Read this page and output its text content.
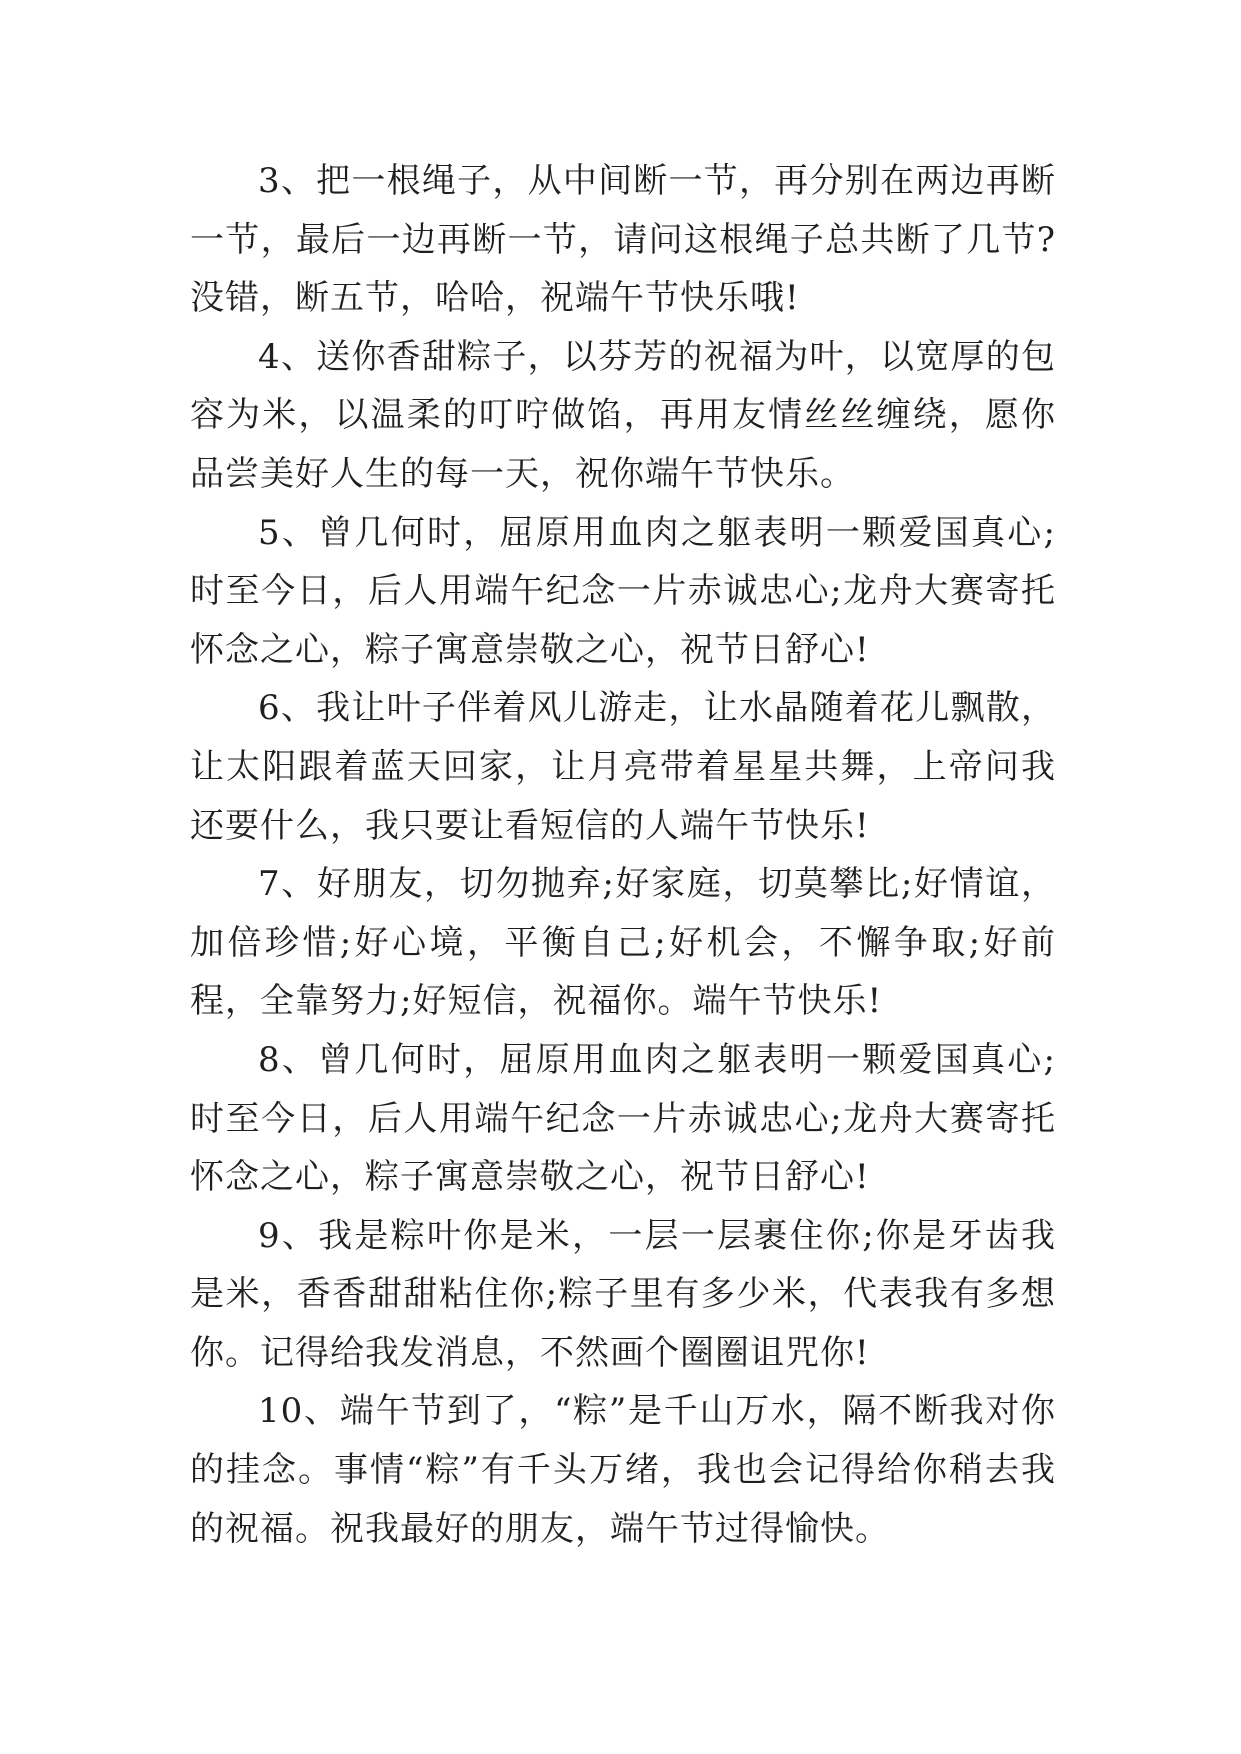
3、把一根绳子，从中间断一节，再分别在两边再断一节，最后一边再断一节，请问这根绳子总共断了几节?没错，断五节，哈哈，祝端午节快乐哦!

4、送你香甜粽子，以芬芳的祝福为叶，以宽厚的包容为米，以温柔的叮咛做馅，再用友情丝丝缠绕，愿你品尝美好人生的每一天，祝你端午节快乐。

5、曾几何时，屈原用血肉之躯表明一颗爱国真心;时至今日，后人用端午纪念一片赤诚忠心;龙舟大赛寄托怀念之心，粽子寓意崇敬之心，祝节日舒心!

6、我让叶子伴着风儿游走，让水晶随着花儿飘散，让太阳跟着蓝天回家，让月亮带着星星共舞，上帝问我还要什么，我只要让看短信的人端午节快乐!

7、好朋友，切勿抛弃;好家庭，切莫攀比;好情谊，加倍珍惜;好心境，平衡自己;好机会，不懈争取;好前程，全靠努力;好短信，祝福你。端午节快乐!

8、曾几何时，屈原用血肉之躯表明一颗爱国真心;时至今日，后人用端午纪念一片赤诚忠心;龙舟大赛寄托怀念之心，粽子寓意崇敬之心，祝节日舒心!

9、我是粽叶你是米，一层一层裹住你;你是牙齿我是米，香香甜甜粘住你;粽子里有多少米，代表我有多想你。记得给我发消息，不然画个圈圈诅咒你!

10、端午节到了，“粽”是千山万水，隔不断我对你的挂念。事情“粽”有千头万绪，我也会记得给你稍去我的祝福。祝我最好的朋友，端午节过得愉快。
